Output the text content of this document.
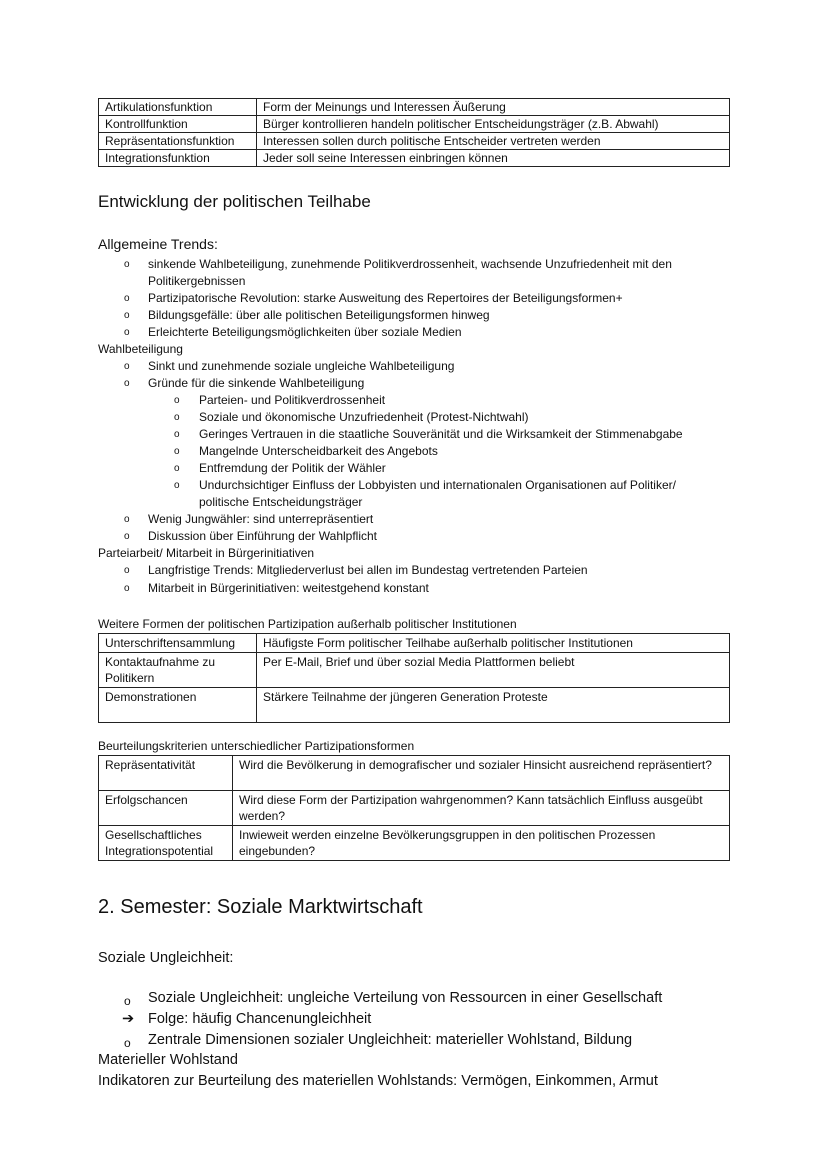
Artikulationsfunktion	Form der Meinungs und Interessen Äußerung
Kontrollfunktion	Bürger kontrollieren handeln politischer Entscheidungsträger (z.B. Abwahl)
Repräsentationsfunktion	Interessen sollen durch politische Entscheider vertreten werden
Integrationsfunktion	Jeder soll seine Interessen einbringen können
Entwicklung der politischen Teilhabe
Allgemeine Trends:
o sinkende Wahlbeteiligung, zunehmende Politikverdrossenheit, wachsende Unzufriedenheit mit den
Politikergebnissen
o Partizipatorische Revolution: starke Ausweitung des Repertoires der Beteiligungsformen+
o Bildungsgefälle: über alle politischen Beteiligungsformen hinweg
o Erleichterte Beteiligungsmöglichkeiten über soziale Medien
Wahlbeteiligung
o Sinkt und zunehmende soziale ungleiche Wahlbeteiligung
o Gründe für die sinkende Wahlbeteiligung
o Parteien- und Politikverdrossenheit
o Soziale und ökonomische Unzufriedenheit (Protest-Nichtwahl)
o Geringes Vertrauen in die staatliche Souveränität und die Wirksamkeit der Stimmenabgabe
o Mangelnde Unterscheidbarkeit des Angebots
o Entfremdung der Politik der Wähler
o Undurchsichtiger Einfluss der Lobbyisten und internationalen Organisationen auf Politiker/
politische Entscheidungsträger
o Wenig Jungwähler: sind unterrepräsentiert
o Diskussion über Einführung der Wahlpflicht
Parteiarbeit/ Mitarbeit in Bürgerinitiativen
o Langfristige Trends: Mitgliederverlust bei allen im Bundestag vertretenden Parteien
o Mitarbeit in Bürgerinitiativen: weitestgehend konstant
Weitere Formen der politischen Partizipation außerhalb politischer Institutionen
Unterschriftensammlung	Häufigste Form politischer Teilhabe außerhalb politischer Institutionen
Kontaktaufnahme zu Politikern	Per E-Mail, Brief und über sozial Media Plattformen beliebt
Demonstrationen	Stärkere Teilnahme der jüngeren Generation Proteste
Beurteilungskriterien unterschiedlicher Partizipationsformen
Repräsentativität	Wird die Bevölkerung in demografischer und sozialer Hinsicht ausreichend repräsentiert?
Erfolgschancen	Wird diese Form der Partizipation wahrgenommen? Kann tatsächlich Einfluss ausgeübt werden?
Gesellschaftliches Integrationspotential	Inwieweit werden einzelne Bevölkerungsgruppen in den politischen Prozessen eingebunden?
2. Semester: Soziale Marktwirtschaft
Soziale Ungleichheit:
o Soziale Ungleichheit: ungleiche Verteilung von Ressourcen in einer Gesellschaft
➔ Folge: häufig Chancenungleichheit
o Zentrale Dimensionen sozialer Ungleichheit: materieller Wohlstand, Bildung
Materieller Wohlstand
Indikatoren zur Beurteilung des materiellen Wohlstands: Vermögen, Einkommen, Armut
